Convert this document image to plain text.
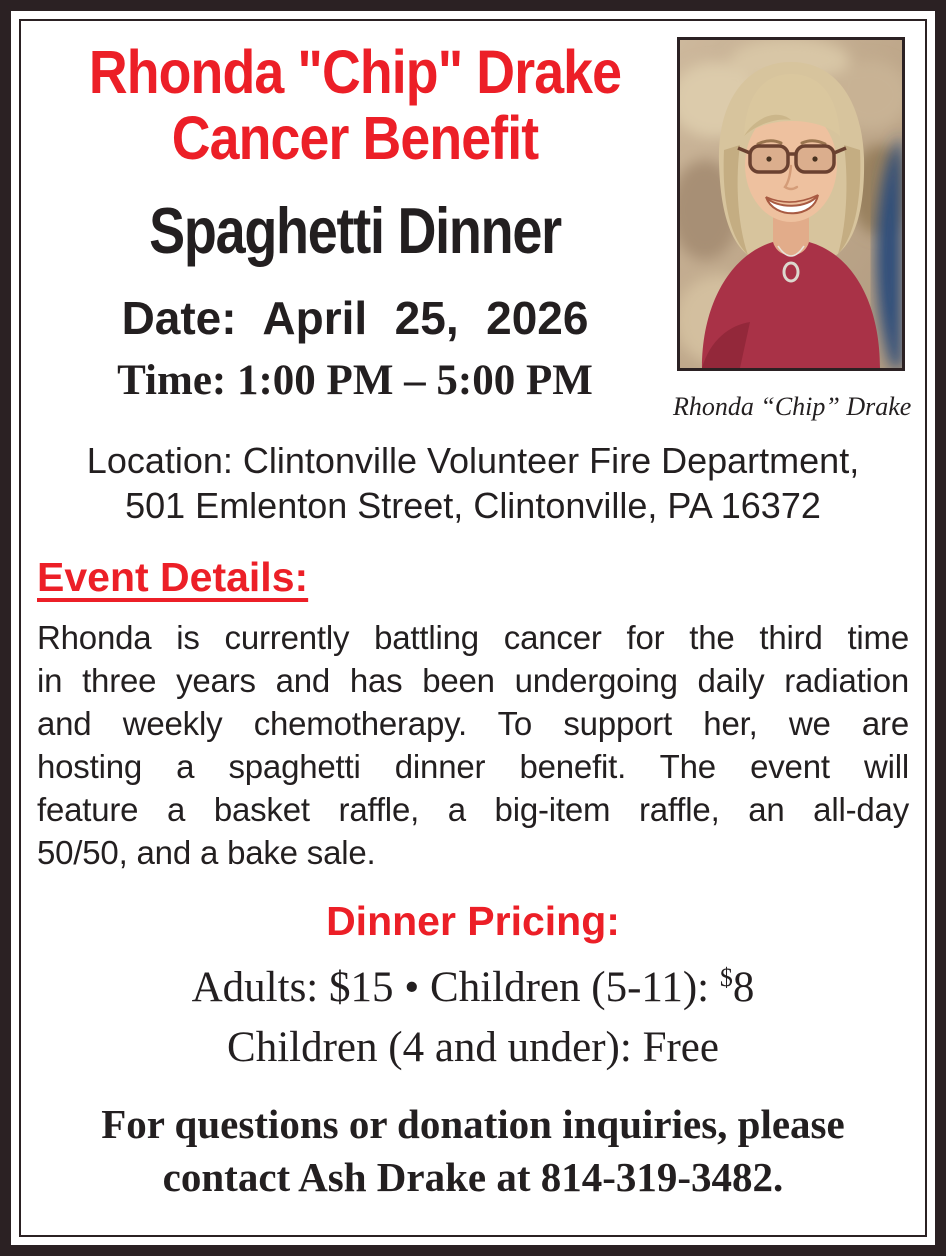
Rhonda "Chip" Drake
Cancer Benefit
Spaghetti Dinner
Date: April 25, 2026
Time: 1:00 PM – 5:00 PM
Rhonda “Chip” Drake
Location: Clintonville Volunteer Fire Department,
501 Emlenton Street, Clintonville, PA 16372
Event Details:
Rhonda is currently battling cancer for the third time
in three years and has been undergoing daily radiation
and weekly chemotherapy. To support her, we are
hosting a spaghetti dinner benefit. The event will
feature a basket raffle, a big-item raffle, an all-day
50/50, and a bake sale.
Dinner Pricing:
Adults: $15 • Children (5-11): $8
Children (4 and under): Free
For questions or donation inquiries, please
contact Ash Drake at 814-319-3482.
